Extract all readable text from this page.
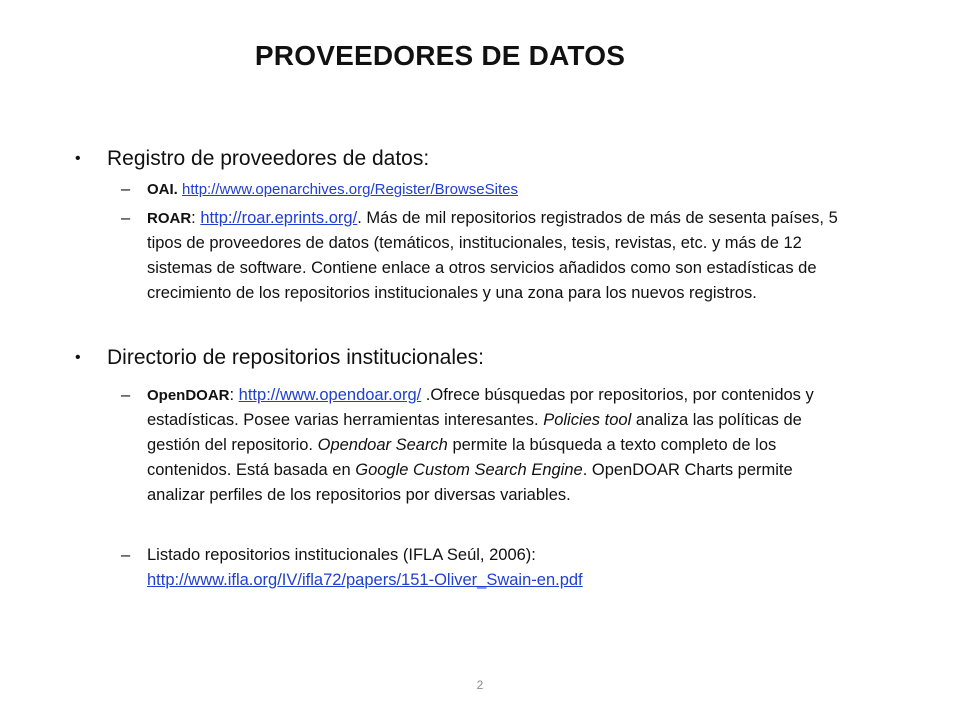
PROVEEDORES DE DATOS
• Registro de proveedores de datos:
– OAI. http://www.openarchives.org/Register/BrowseSites
– ROAR: http://roar.eprints.org/. Más de mil repositorios registrados de más de sesenta países, 5 tipos de proveedores de datos (temáticos, institucionales, tesis, revistas, etc. y más de 12 sistemas de software. Contiene enlace a otros servicios añadidos como son estadísticas de crecimiento de los repositorios institucionales y una zona para los nuevos registros.
• Directorio de repositorios institucionales:
– OpenDOAR: http://www.opendoar.org/ .Ofrece búsquedas por repositorios, por contenidos y estadísticas. Posee varias herramientas interesantes. Policies tool analiza las políticas de gestión del repositorio. Opendoar Search permite la búsqueda a texto completo de los contenidos. Está basada en Google Custom Search Engine. OpenDOAR Charts permite analizar perfiles de los repositorios por diversas variables.
– Listado repositorios institucionales (IFLA Seúl, 2006):
http://www.ifla.org/IV/ifla72/papers/151-Oliver_Swain-en.pdf
2
